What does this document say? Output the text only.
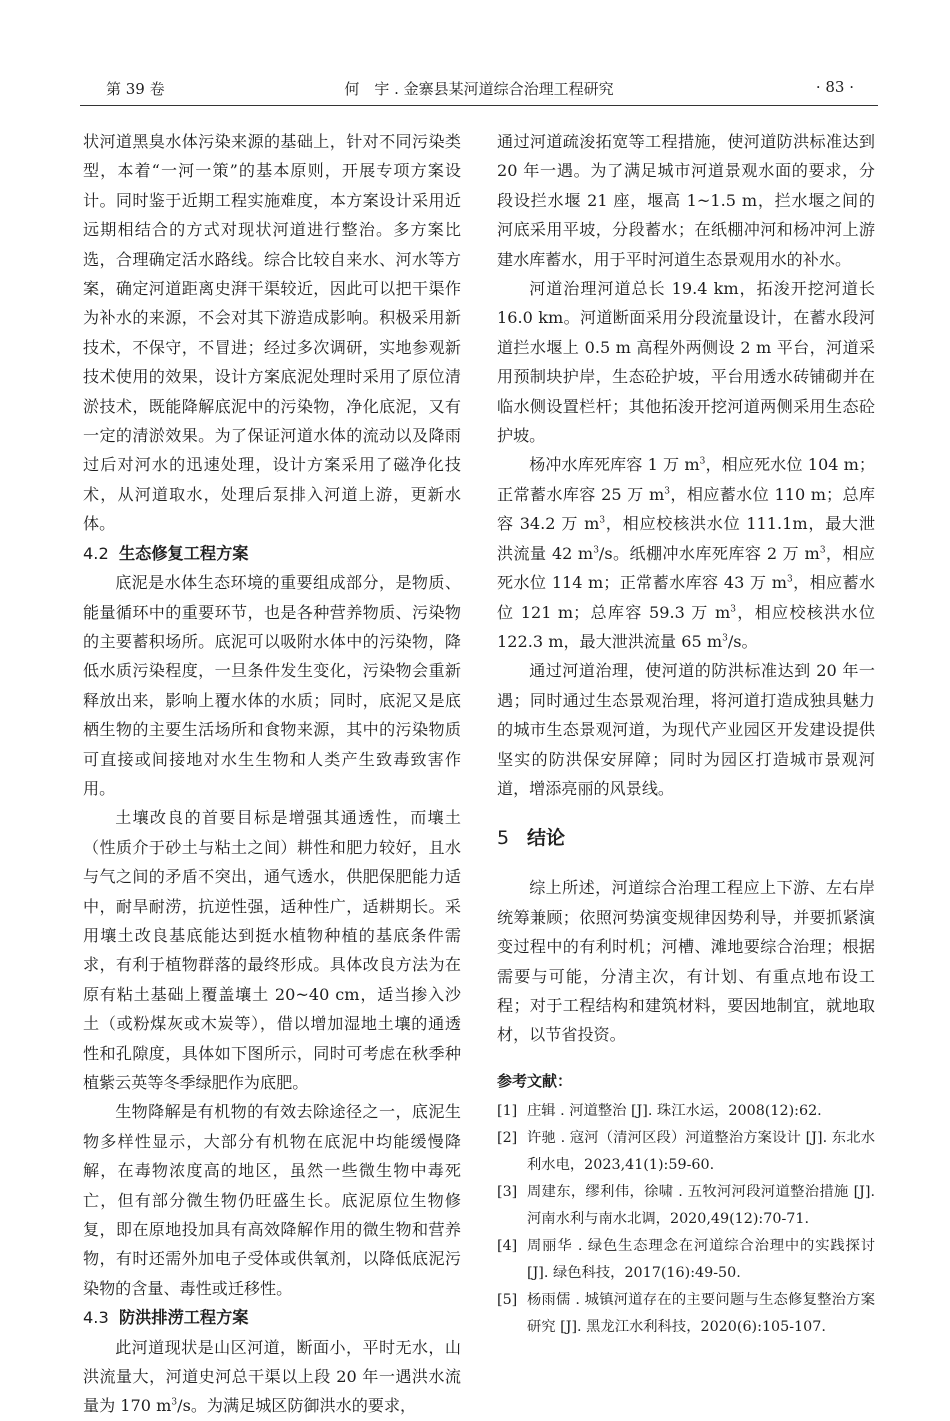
第 39 卷	何　宇 . 金寨县某河道综合治理工程研究	· 83 ·

状河道黑臭水体污染来源的基础上，针对不同污染类型，本着“一河一策”的基本原则，开展专项方案设计。同时鉴于近期工程实施难度，本方案设计采用近远期相结合的方式对现状河道进行整治。多方案比选，合理确定活水路线。综合比较自来水、河水等方案，确定河道距离史湃干渠较近，因此可以把干渠作为补水的来源，不会对其下游造成影响。积极采用新技术，不保守，不冒进；经过多次调研，实地参观新技术使用的效果，设计方案底泥处理时采用了原位清淤技术，既能降解底泥中的污染物，净化底泥，又有一定的清淤效果。为了保证河道水体的流动以及降雨过后对河水的迅速处理，设计方案采用了磁净化技术，从河道取水，处理后泵排入河道上游，更新水体。

4.2 生态修复工程方案

底泥是水体生态环境的重要组成部分，是物质、能量循环中的重要环节，也是各种营养物质、污染物的主要蓄积场所。底泥可以吸附水体中的污染物，降低水质污染程度，一旦条件发生变化，污染物会重新释放出来，影响上覆水体的水质；同时，底泥又是底栖生物的主要生活场所和食物来源，其中的污染物质可直接或间接地对水生生物和人类产生致毒致害作用。

土壤改良的首要目标是增强其通透性，而壤土（性质介于砂土与粘土之间）耕性和肥力较好，且水与气之间的矛盾不突出，通气透水，供肥保肥能力适中，耐旱耐涝，抗逆性强，适种性广，适耕期长。采用壤土改良基底能达到挺水植物种植的基底条件需求，有利于植物群落的最终形成。具体改良方法为在原有粘土基础上覆盖壤土 20~40 cm，适当掺入沙土（或粉煤灰或木炭等），借以增加湿地土壤的通透性和孔隙度，具体如下图所示，同时可考虑在秋季种植紫云英等冬季绿肥作为底肥。

生物降解是有机物的有效去除途径之一，底泥生物多样性显示，大部分有机物在底泥中均能缓慢降解，在毒物浓度高的地区，虽然一些微生物中毒死亡，但有部分微生物仍旺盛生长。底泥原位生物修复，即在原地投加具有高效降解作用的微生物和营养物，有时还需外加电子受体或供氧剂，以降低底泥污染物的含量、毒性或迁移性。

4.3 防洪排涝工程方案

此河道现状是山区河道，断面小，平时无水，山洪流量大，河道史河总干渠以上段 20 年一遇洪水流量为 170 $m^3/s$。为满足城区防御洪水的要求，

通过河道疏浚拓宽等工程措施，使河道防洪标准达到 20 年一遇。为了满足城市河道景观水面的要求，分段设拦水堰 21 座，堰高 1~1.5 m，拦水堰之间的河底采用平坡，分段蓄水；在纸棚冲河和杨冲河上游建水库蓄水，用于平时河道生态景观用水的补水。

河道治理河道总长 19.4 km，拓浚开挖河道长 16.0 km。河道断面采用分段流量设计，在蓄水段河道拦水堰上 0.5 m 高程外两侧设 2 m 平台，河道采用预制块护岸，生态砼护坡，平台用透水砖铺砌并在临水侧设置栏杆；其他拓浚开挖河道两侧采用生态砼护坡。

杨冲水库死库容 1 万 $m^3$，相应死水位 104 m；正常蓄水库容 25 万 $m^3$，相应蓄水位 110 m；总库容 34.2 万 $m^3$，相应校核洪水位 111.1m，最大泄洪流量 42 $m^3/s$。纸棚冲水库死库容 2 万 $m^3$，相应死水位 114 m；正常蓄水库容 43 万 $m^3$，相应蓄水位 121 m；总库容 59.3 万 $m^3$，相应校核洪水位 122.3 m，最大泄洪流量 65 $m^3/s$。

通过河道治理，使河道的防洪标准达到 20 年一遇；同时通过生态景观治理，将河道打造成独具魅力的城市生态景观河道，为现代产业园区开发建设提供坚实的防洪保安屏障；同时为园区打造城市景观河道，增添亮丽的风景线。

5 结论

综上所述，河道综合治理工程应上下游、左右岸统筹兼顾；依照河势演变规律因势利导，并要抓紧演变过程中的有利时机；河槽、滩地要综合治理；根据需要与可能，分清主次，有计划、有重点地布设工程；对于工程结构和建筑材料，要因地制宜，就地取材，以节省投资。

参考文献：
[1] 庄辑 . 河道整治 [J]. 珠江水运，2008(12):62.
[2] 许驰 . 寇河（清河区段）河道整治方案设计 [J]. 东北水利水电，2023,41(1):59-60.
[3] 周建东，缪利伟，徐啸 . 五牧河河段河道整治措施 [J]. 河南水利与南水北调，2020,49(12):70-71.
[4] 周丽华 . 绿色生态理念在河道综合治理中的实践探讨 [J]. 绿色科技，2017(16):49-50.
[5] 杨雨儒 . 城镇河道存在的主要问题与生态修复整治方案研究 [J]. 黑龙江水利科技，2020(6):105-107.
